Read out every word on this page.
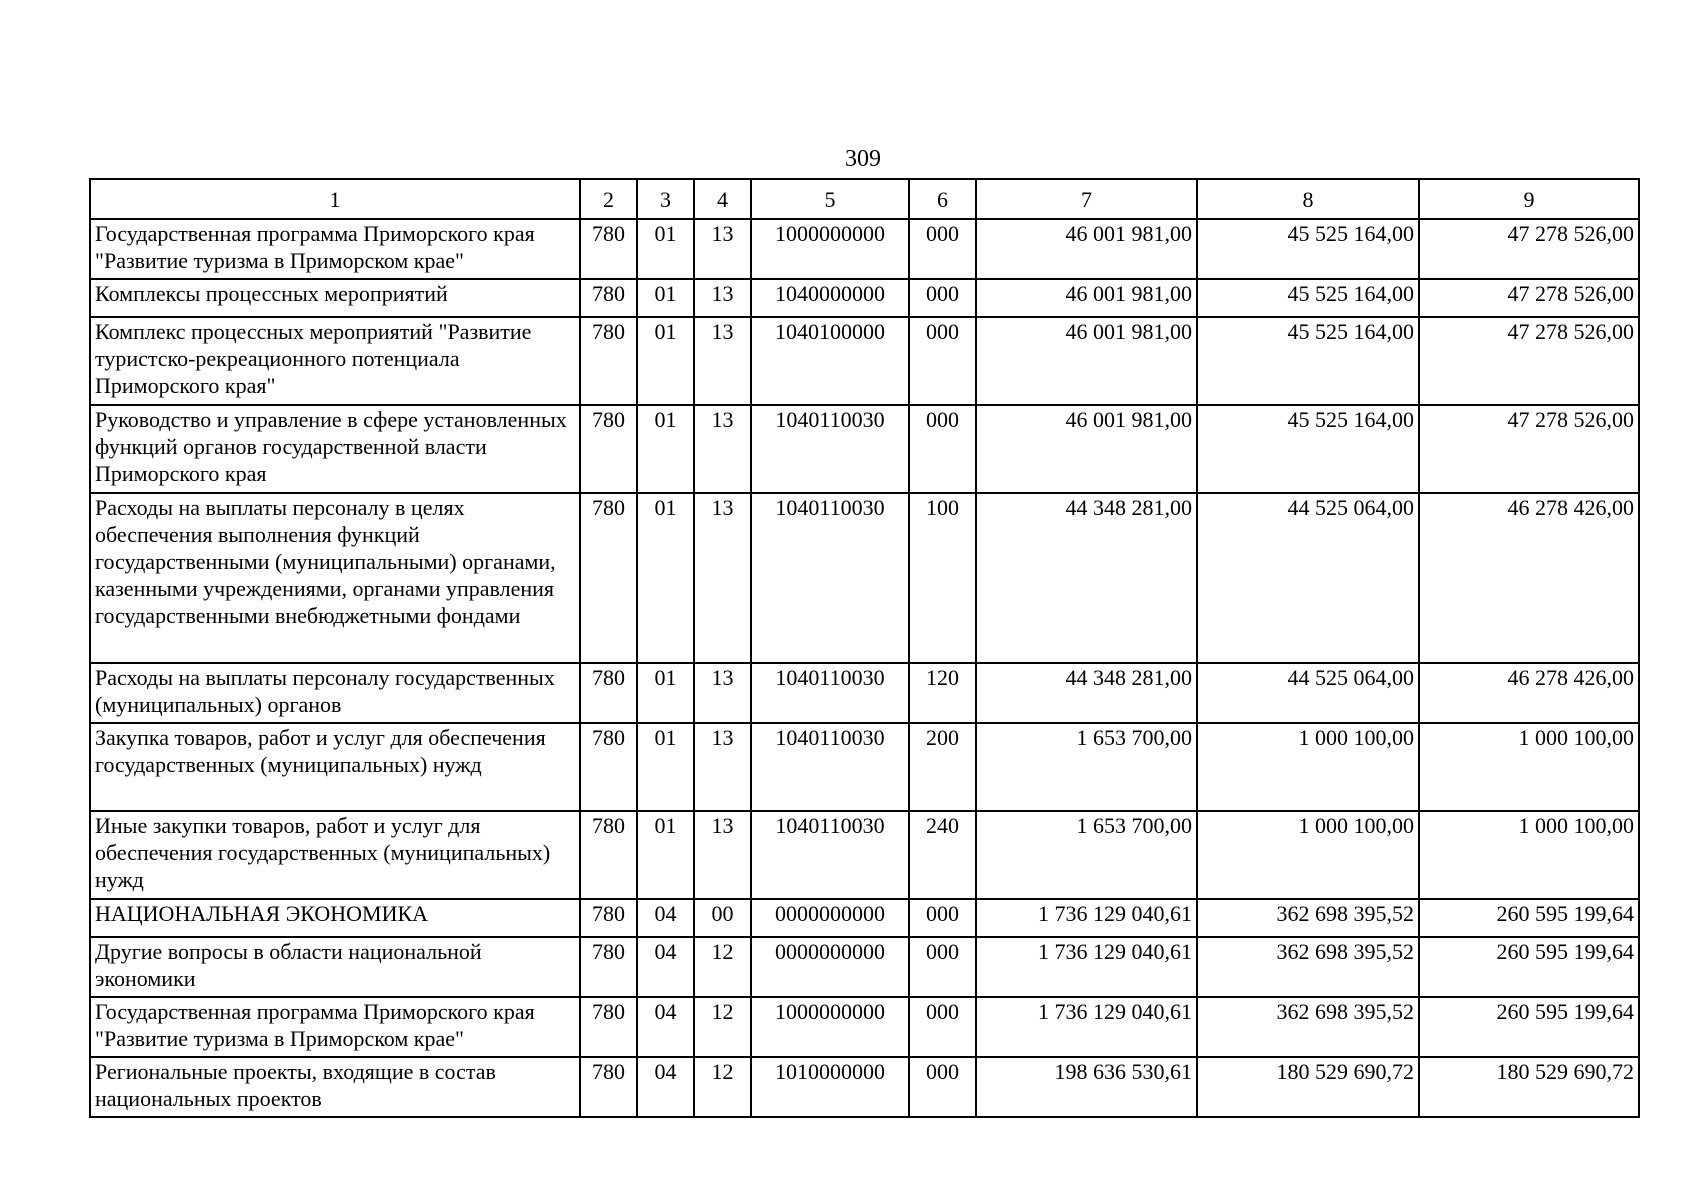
309
1	2	3	4	5	6	7	8	9
Государственная программа Приморского края "Развитие туризма в Приморском крае"	780	01	13	1000000000	000	46 001 981,00	45 525 164,00	47 278 526,00
Комплексы процессных мероприятий	780	01	13	1040000000	000	46 001 981,00	45 525 164,00	47 278 526,00
Комплекс процессных мероприятий "Развитие туристско-рекреационного потенциала Приморского края"	780	01	13	1040100000	000	46 001 981,00	45 525 164,00	47 278 526,00
Руководство и управление в сфере установленных функций органов государственной власти Приморского края	780	01	13	1040110030	000	46 001 981,00	45 525 164,00	47 278 526,00
Расходы на выплаты персоналу в целях обеспечения выполнения функций государственными (муниципальными) органами, казенными учреждениями, органами управления государственными внебюджетными фондами	780	01	13	1040110030	100	44 348 281,00	44 525 064,00	46 278 426,00
Расходы на выплаты персоналу государственных (муниципальных) органов	780	01	13	1040110030	120	44 348 281,00	44 525 064,00	46 278 426,00
Закупка товаров, работ и услуг для обеспечения государственных (муниципальных) нужд	780	01	13	1040110030	200	1 653 700,00	1 000 100,00	1 000 100,00
Иные закупки товаров, работ и услуг для обеспечения государственных (муниципальных) нужд	780	01	13	1040110030	240	1 653 700,00	1 000 100,00	1 000 100,00
НАЦИОНАЛЬНАЯ ЭКОНОМИКА	780	04	00	0000000000	000	1 736 129 040,61	362 698 395,52	260 595 199,64
Другие вопросы в области национальной экономики	780	04	12	0000000000	000	1 736 129 040,61	362 698 395,52	260 595 199,64
Государственная программа Приморского края "Развитие туризма в Приморском крае"	780	04	12	1000000000	000	1 736 129 040,61	362 698 395,52	260 595 199,64
Региональные проекты, входящие в состав национальных проектов	780	04	12	1010000000	000	198 636 530,61	180 529 690,72	180 529 690,72
